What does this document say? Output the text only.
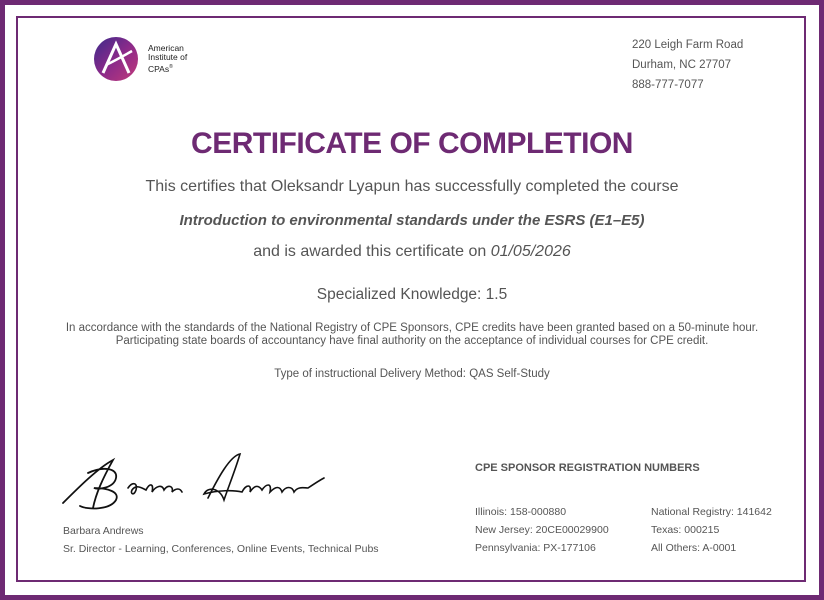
American
Institute of
CPAs®
220 Leigh Farm Road
Durham, NC 27707
888-777-7077
CERTIFICATE OF COMPLETION
This certifies that Oleksandr Lyapun has successfully completed the course
Introduction to environmental standards under the ESRS (E1–E5)
and is awarded this certificate on 01/05/2026
Specialized Knowledge: 1.5
In accordance with the standards of the National Registry of CPE Sponsors, CPE credits have been granted based on a 50-minute hour. Participating state boards of accountancy have final authority on the acceptance of individual courses for CPE credit.
Type of instructional Delivery Method: QAS Self-Study
Barbara Andrews
Sr. Director - Learning, Conferences, Online Events, Technical Pubs
CPE SPONSOR REGISTRATION NUMBERS
Illinois: 158-000880
New Jersey: 20CE00029900
Pennsylvania: PX-177106
National Registry: 141642
Texas: 000215
All Others: A-0001
